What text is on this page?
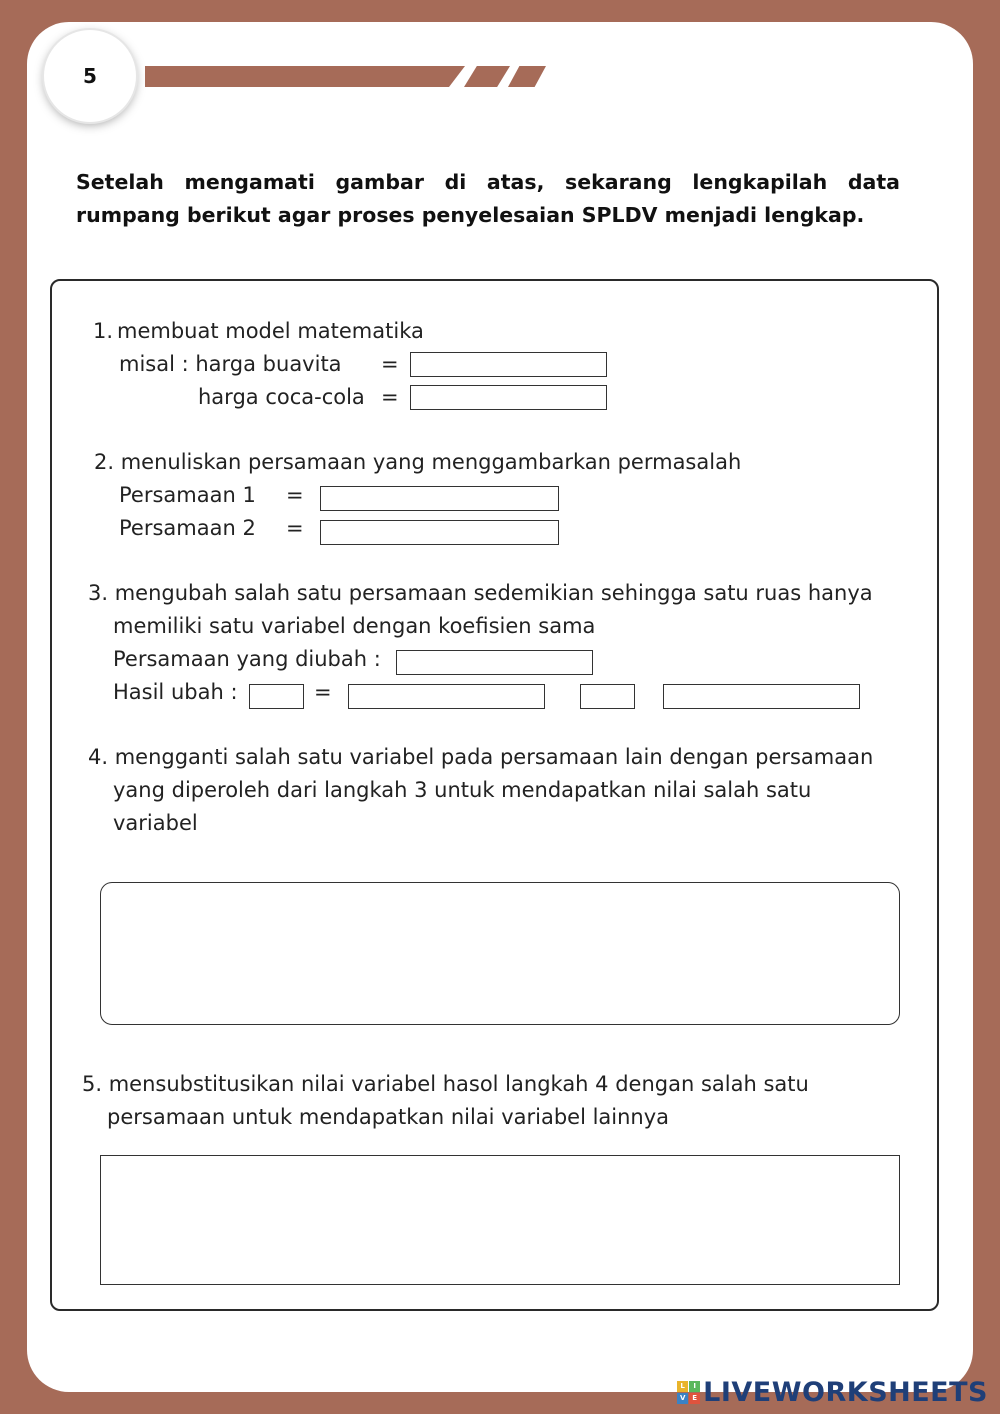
5
Setelah mengamati gambar di atas, sekarang lengkapilah data rumpang berikut agar proses penyelesaian SPLDV menjadi lengkap.
1. membuat model matematika
misal : harga buavita =
harga coca-cola =
2. menuliskan persamaan yang menggambarkan permasalah
Persamaan 1 =
Persamaan 2 =
3. mengubah salah satu persamaan sedemikian sehingga satu ruas hanya
memiliki satu variabel dengan koefisien sama
Persamaan yang diubah :
Hasil ubah :	=
4. mengganti salah satu variabel pada persamaan lain dengan persamaan
yang diperoleh dari langkah 3 untuk mendapatkan nilai salah satu
variabel
5. mensubstitusikan nilai variabel hasol langkah 4 dengan salah satu
persamaan untuk mendapatkan nilai variabel lainnya
L	I
V E LIVEWORKSHEETS
